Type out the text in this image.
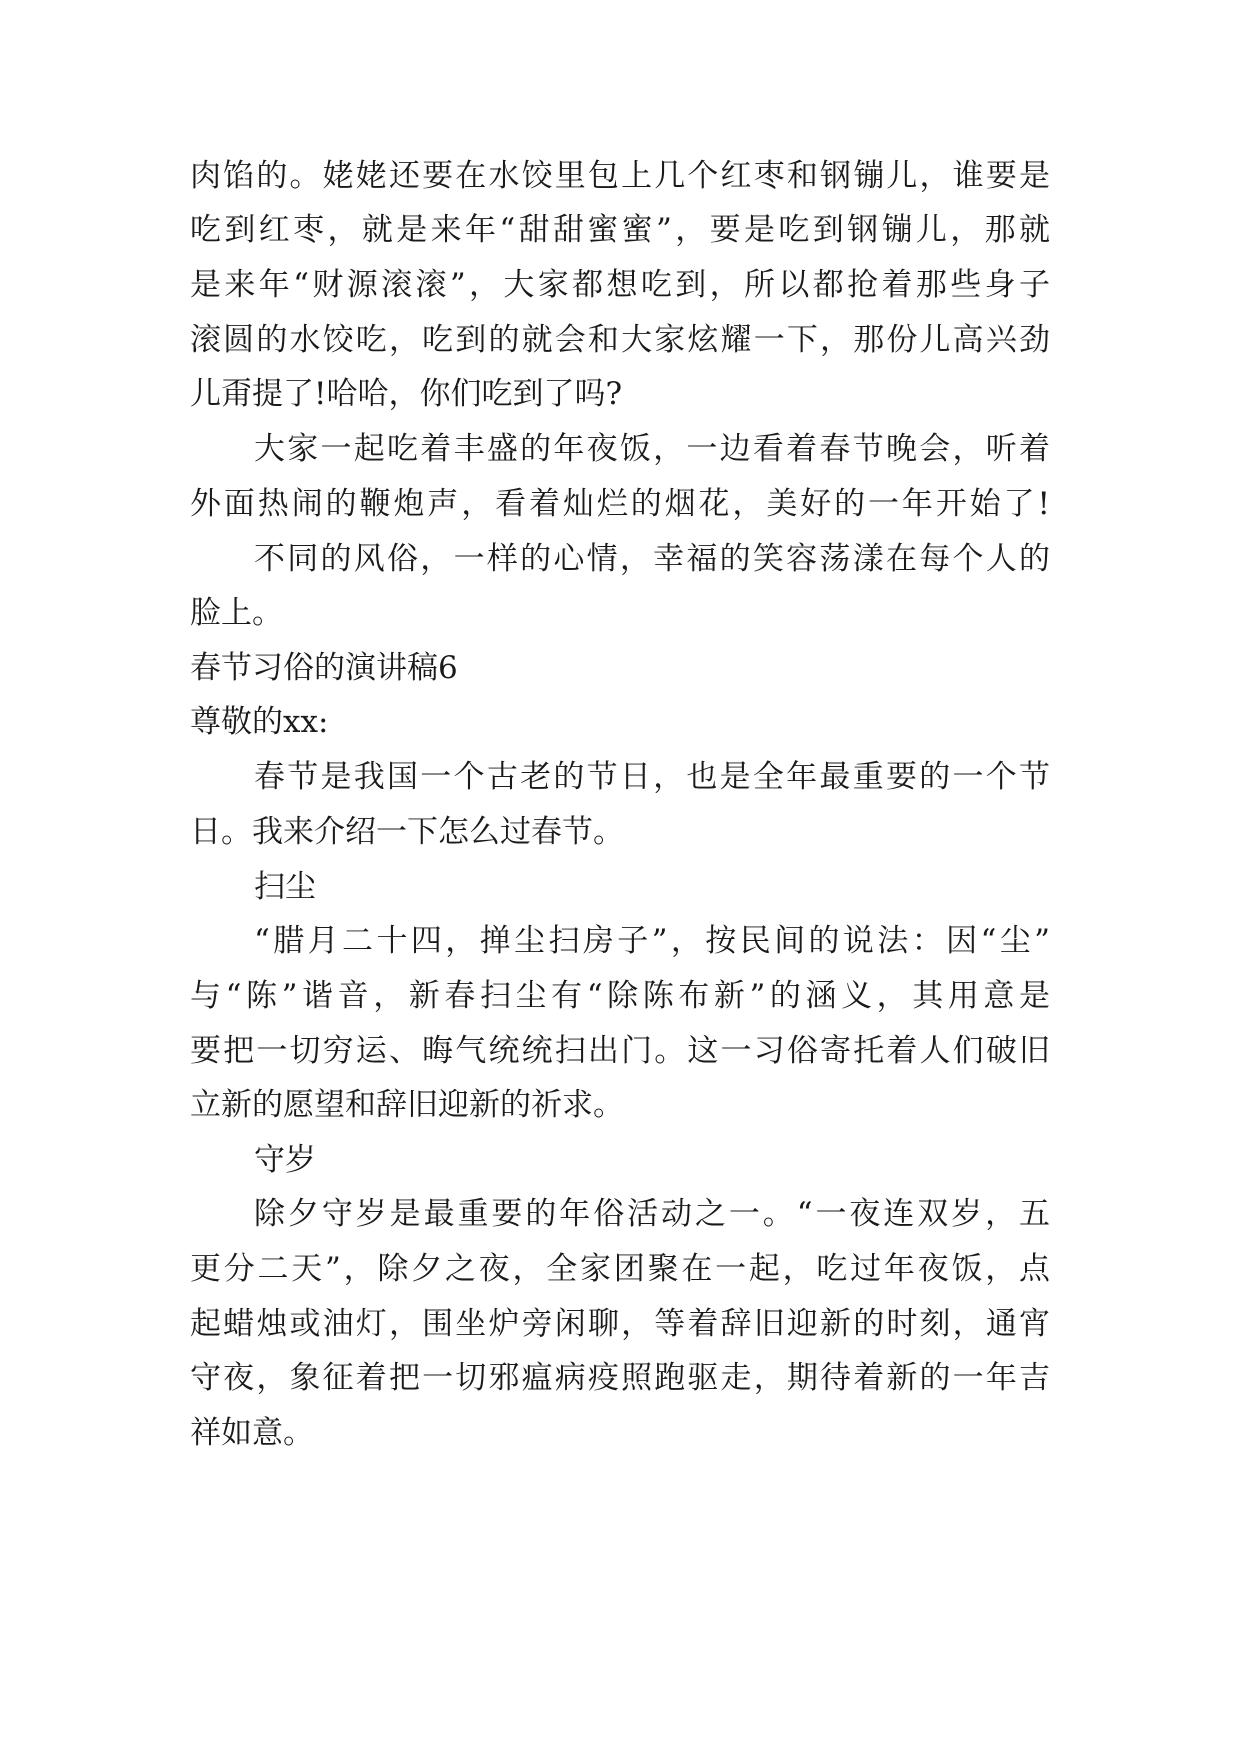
肉馅的。姥姥还要在水饺里包上几个红枣和钢镚儿，谁要是
吃到红枣，就是来年“甜甜蜜蜜”，要是吃到钢镚儿，那就
是来年“财源滚滚”，大家都想吃到，所以都抢着那些身子
滚圆的水饺吃，吃到的就会和大家炫耀一下，那份儿高兴劲
儿甭提了!哈哈，你们吃到了吗?
大家一起吃着丰盛的年夜饭，一边看着春节晚会，听着
外面热闹的鞭炮声，看着灿烂的烟花，美好的一年开始了!
不同的风俗，一样的心情，幸福的笑容荡漾在每个人的
脸上。
春节习俗的演讲稿6
尊敬的xx:
春节是我国一个古老的节日，也是全年最重要的一个节
日。我来介绍一下怎么过春节。
扫尘
“腊月二十四，掸尘扫房子”，按民间的说法：因“尘”
与“陈”谐音，新春扫尘有“除陈布新”的涵义，其用意是
要把一切穷运、晦气统统扫出门。这一习俗寄托着人们破旧
立新的愿望和辞旧迎新的祈求。
守岁
除夕守岁是最重要的年俗活动之一。“一夜连双岁，五
更分二天”，除夕之夜，全家团聚在一起，吃过年夜饭，点
起蜡烛或油灯，围坐炉旁闲聊，等着辞旧迎新的时刻，通宵
守夜，象征着把一切邪瘟病疫照跑驱走，期待着新的一年吉
祥如意。
